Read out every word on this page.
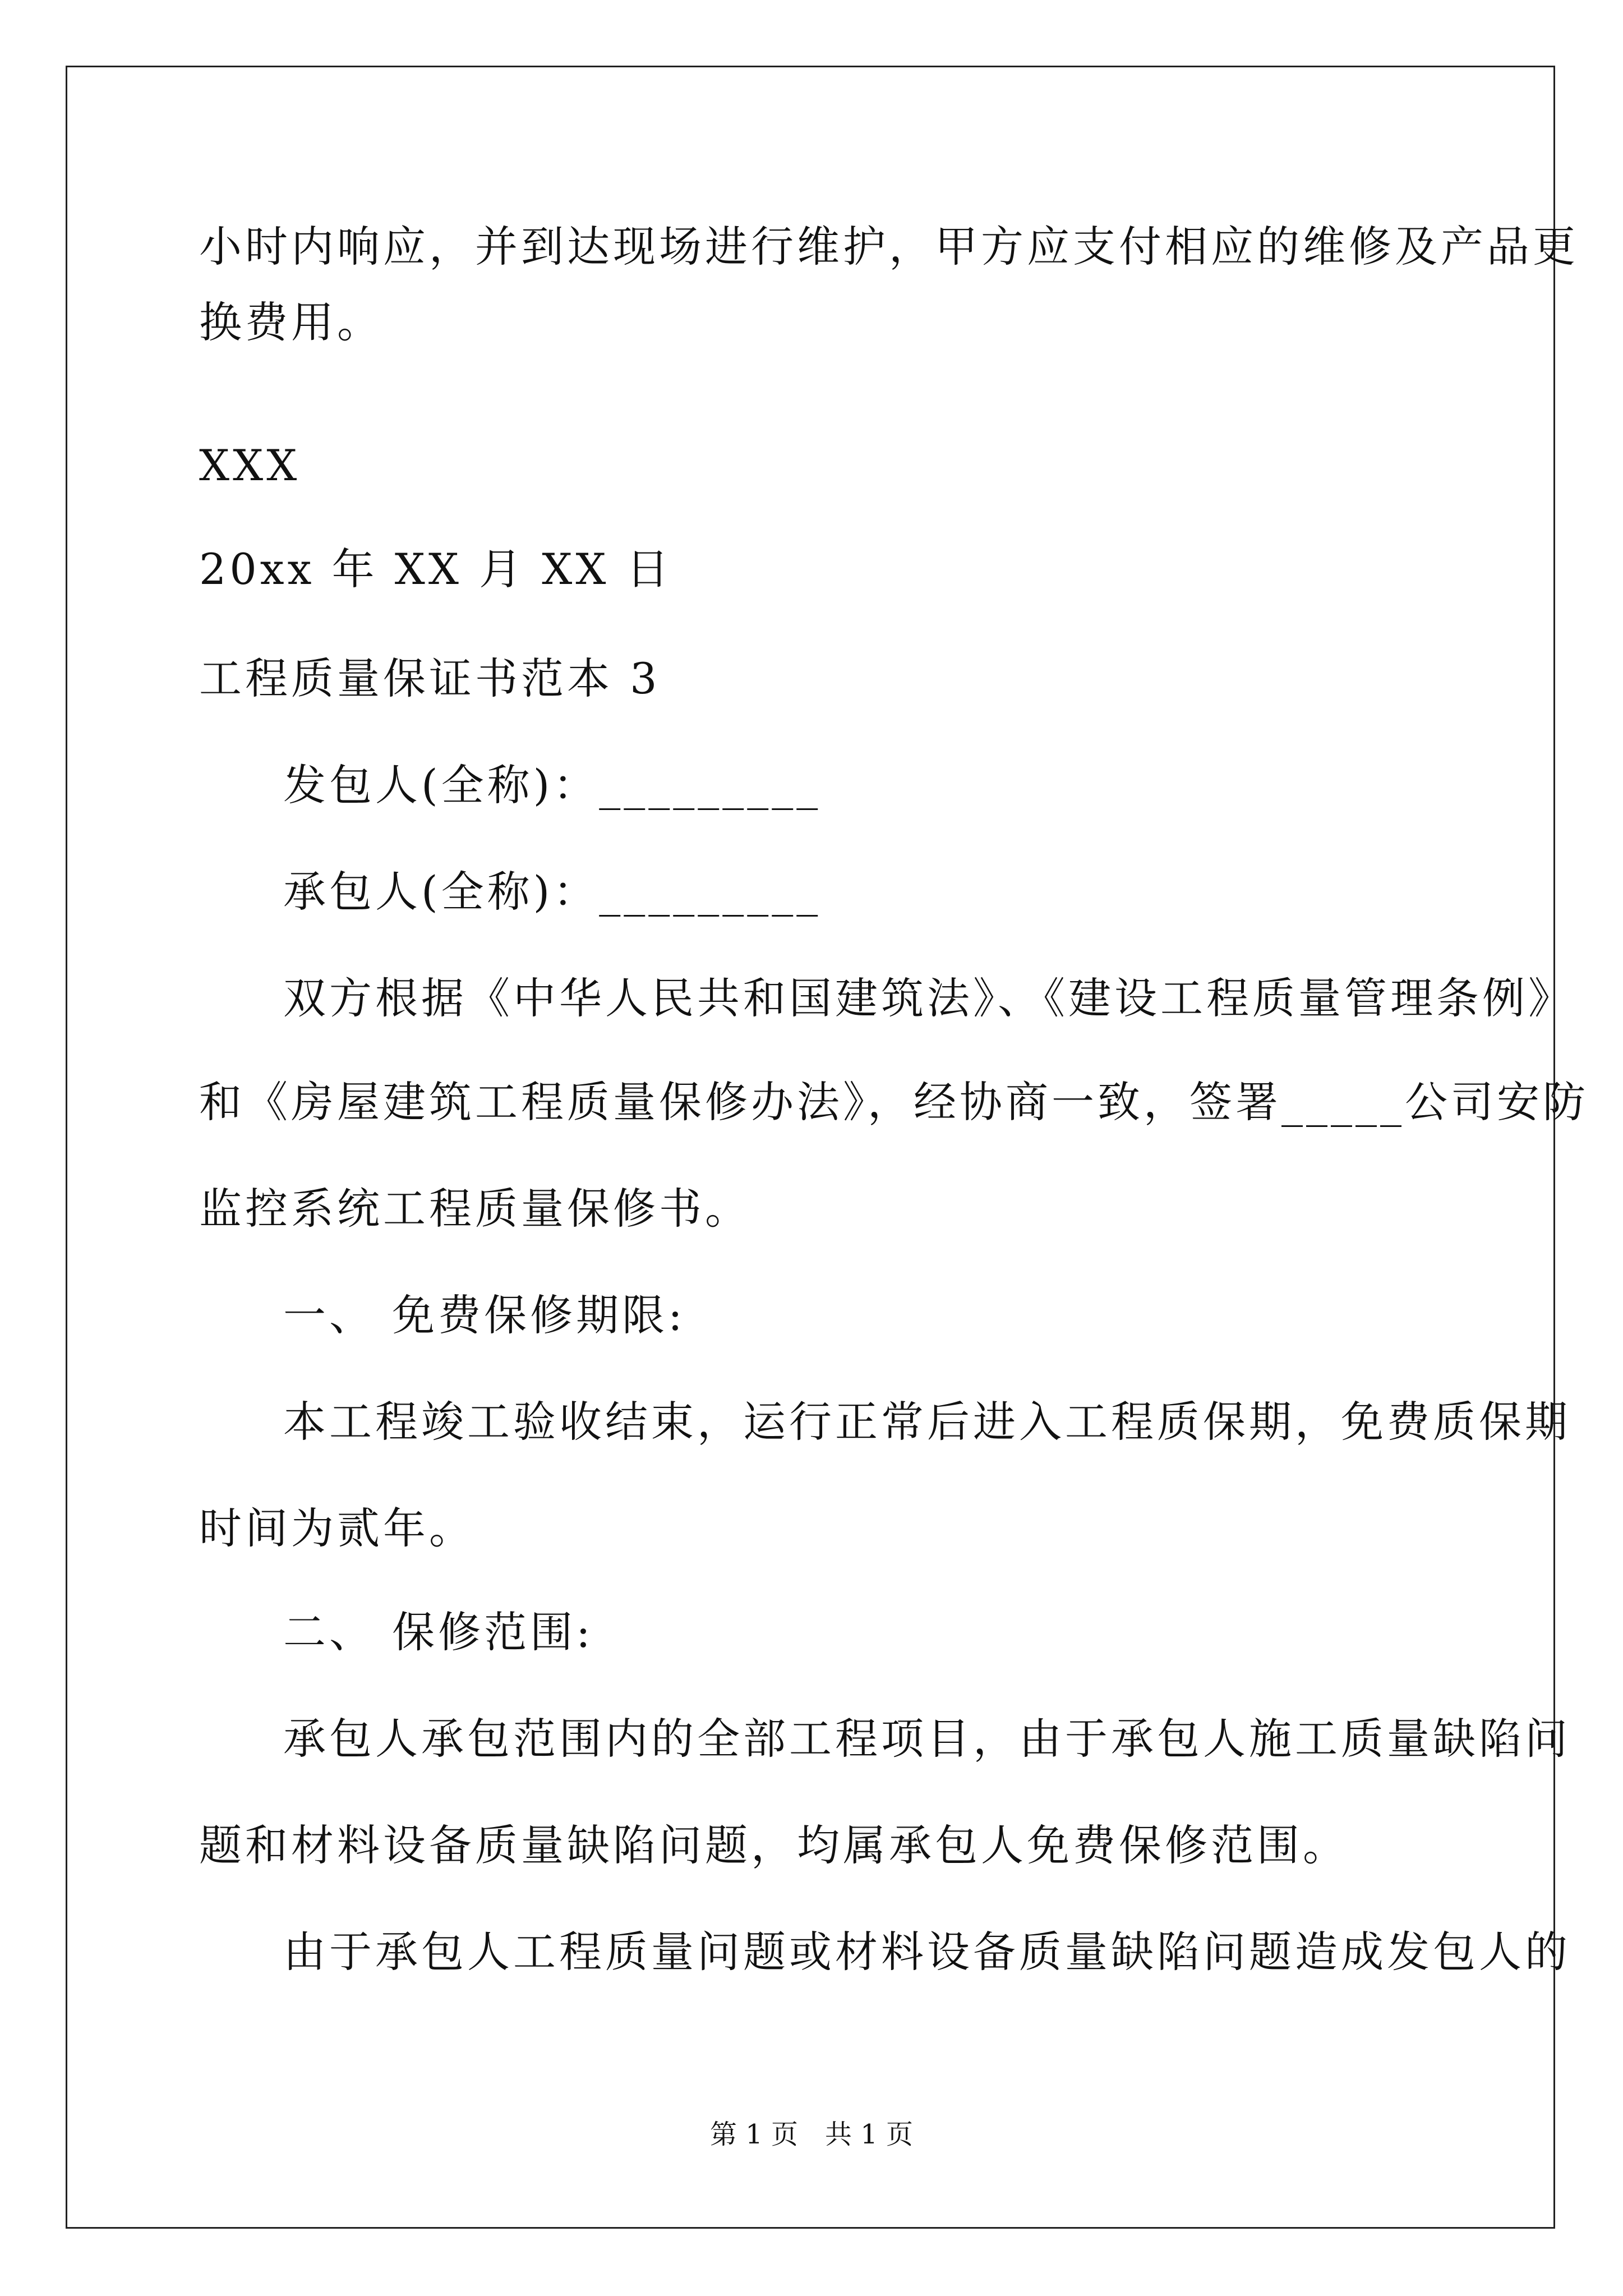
小时内响应，并到达现场进行维护，甲方应支付相应的维修及产品更
换费用。
XXX
20xx 年 XX 月 XX 日
工程质量保证书范本 3
发包人(全称)：_________
承包人(全称)：_________
双方根据《中华人民共和国建筑法》、《建设工程质量管理条例》
和《房屋建筑工程质量保修办法》，经协商一致，签署_____公司安防
监控系统工程质量保修书。
一、 免费保修期限:
本工程竣工验收结束，运行正常后进入工程质保期，免费质保期
时间为贰年。
二、 保修范围:
承包人承包范围内的全部工程项目，由于承包人施工质量缺陷问
题和材料设备质量缺陷问题，均属承包人免费保修范围。
由于承包人工程质量问题或材料设备质量缺陷问题造成发包人的
第 1 页　共 1 页
